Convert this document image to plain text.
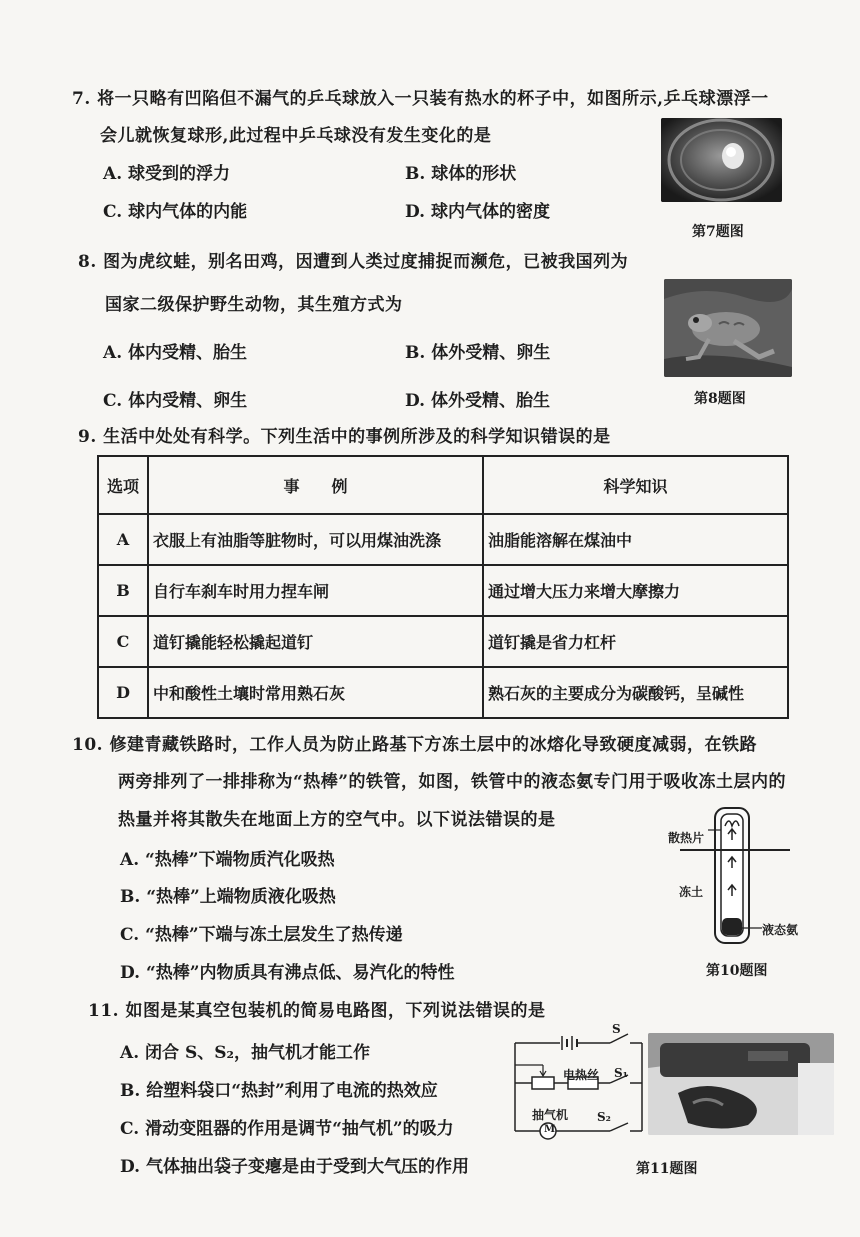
7. 将一只略有凹陷但不漏气的乒乓球放入一只装有热水的杯子中，如图所示,乒乓球漂浮一
会儿就恢复球形,此过程中乒乓球没有发生变化的是
A. 球受到的浮力	B. 球体的形状
C. 球内气体的内能	D. 球内气体的密度
第7题图
8. 图为虎纹蛙，别名田鸡，因遭到人类过度捕捉而濒危，已被我国列为
国家二级保护野生动物，其生殖方式为
A. 体内受精、胎生	B. 体外受精、卵生
C. 体内受精、卵生	D. 体外受精、胎生	第8题图
9. 生活中处处有科学。下列生活中的事例所涉及的科学知识错误的是
选项	事　　例	科学知识
A	衣服上有油脂等脏物时，可以用煤油洗涤	油脂能溶解在煤油中
B	自行车刹车时用力捏车闸	通过增大压力来增大摩擦力
C	道钉撬能轻松撬起道钉	道钉撬是省力杠杆
D	中和酸性土壤时常用熟石灰	熟石灰的主要成分为碳酸钙，呈碱性
10. 修建青藏铁路时，工作人员为防止路基下方冻土层中的冰熔化导致硬度减弱，在铁路
两旁排列了一排排称为“热棒”的铁管，如图，铁管中的液态氨专门用于吸收冻土层内的
热量并将其散失在地面上方的空气中。以下说法错误的是
A. “热棒”下端物质汽化吸热
B. “热棒”上端物质液化吸热
C. “热棒”下端与冻土层发生了热传递
D. “热棒”内物质具有沸点低、易汽化的特性
散热片
冻土
液态氨
第10题图
11. 如图是某真空包装机的简易电路图，下列说法错误的是
A. 闭合 S、S₂，抽气机才能工作
B. 给塑料袋口“热封”利用了电流的热效应
C. 滑动变阻器的作用是调节“抽气机”的吸力
D. 气体抽出袋子变瘪是由于受到大气压的作用
S
电热丝 S₁
抽气机 S₂
M
第11题图
